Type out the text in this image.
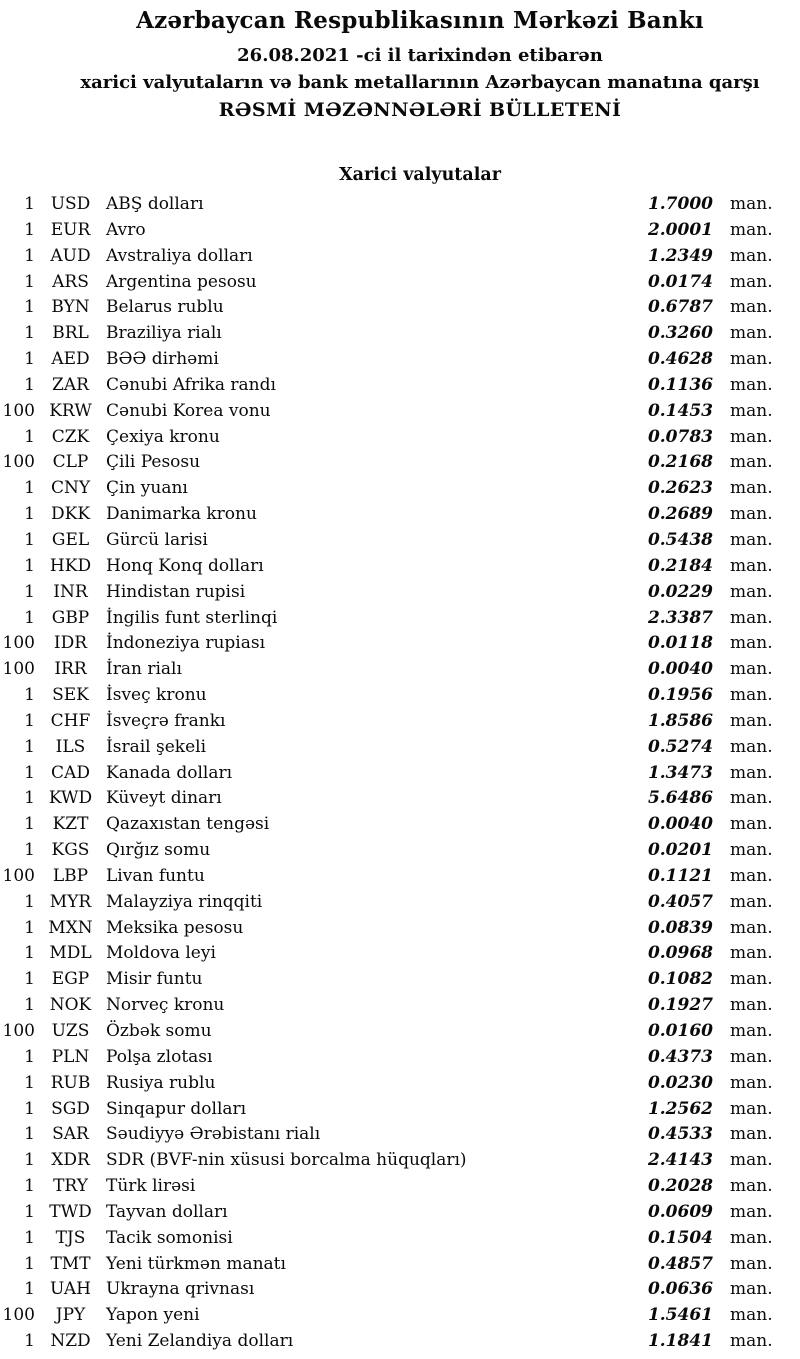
Azərbaycan Respublikasının Mərkəzi Bankı
26.08.2021 -ci il tarixindən etibarən
xarici valyutaların və bank metallarının Azərbaycan manatına qarşı
RƏSMİ MƏZƏNNƏLƏRİ BÜLLETENİ
Xarici valyutalar
1 USD ABŞ dolları	1.7000	man.
1 EUR Avro	2.0001	man.
1 AUD Avstraliya dolları	1.2349	man.
1	ARS	Argentina pesosu	0.0174	man.
1 BYN Belarus rublu	0.6787	man.
1	BRL	Braziliya rialı	0.3260	man.
1 AED BƏƏ dirhəmi	0.4628	man.
1	ZAR	Cənubi Afrika randı	0.1136	man.
100 KRW Cənubi Korea vonu	0.1453	man.
1 CZK Çexiya kronu	0.0783	man.
100	CLP	Çili Pesosu	0.2168	man.
1 CNY Çin yuanı	0.2623	man.
1 DKK Danimarka kronu	0.2689	man.
1 GEL Gürcü larisi	0.5438	man.
1 HKD Honq Konq dolları	0.2184	man.
1	INR	Hindistan rupisi	0.0229	man.
1 GBP İngilis funt sterlinqi	2.3387	man.
100	IDR	İndoneziya rupiası	0.0118	man.
100	IRR	İran rialı	0.0040	man.
1	SEK	İsveç kronu	0.1956	man.
1 CHF İsveçrə frankı	1.8586	man.
1	ILS	İsrail şekeli	0.5274	man.
1 CAD Kanada dolları	1.3473	man.
1 KWD Küveyt dinarı	5.6486	man.
1	KZT	Qazaxıstan tengəsi	0.0040	man.
1 KGS Qırğız somu	0.0201	man.
100	LBP	Livan funtu	0.1121	man.
1 MYR Malayziya rinqqiti	0.4057	man.
1 MXN Meksika pesosu	0.0839	man.
1 MDL Moldova leyi	0.0968	man.
1 EGP Misir funtu	0.1082	man.
1 NOK Norveç kronu	0.1927	man.
100 UZS Özbək somu	0.0160	man.
1 PLN Polşa zlotası	0.4373	man.
1 RUB Rusiya rublu	0.0230	man.
1 SGD Sinqapur dolları	1.2562	man.
1	SAR	Səudiyyə Ərəbistanı rialı	0.4533	man.
1 XDR SDR (BVF-nin xüsusi borcalma hüquqları)	2.4143	man.
1	TRY	Türk lirəsi	0.2028	man.
1 TWD Tayvan dolları	0.0609	man.
1	TJS	Tacik somonisi	0.1504	man.
1 TMT Yeni türkmən manatı	0.4857	man.
1 UAH Ukrayna qrivnası	0.0636	man.
100	JPY	Yapon yeni	1.5461	man.
1 NZD Yeni Zelandiya dolları	1.1841	man.
